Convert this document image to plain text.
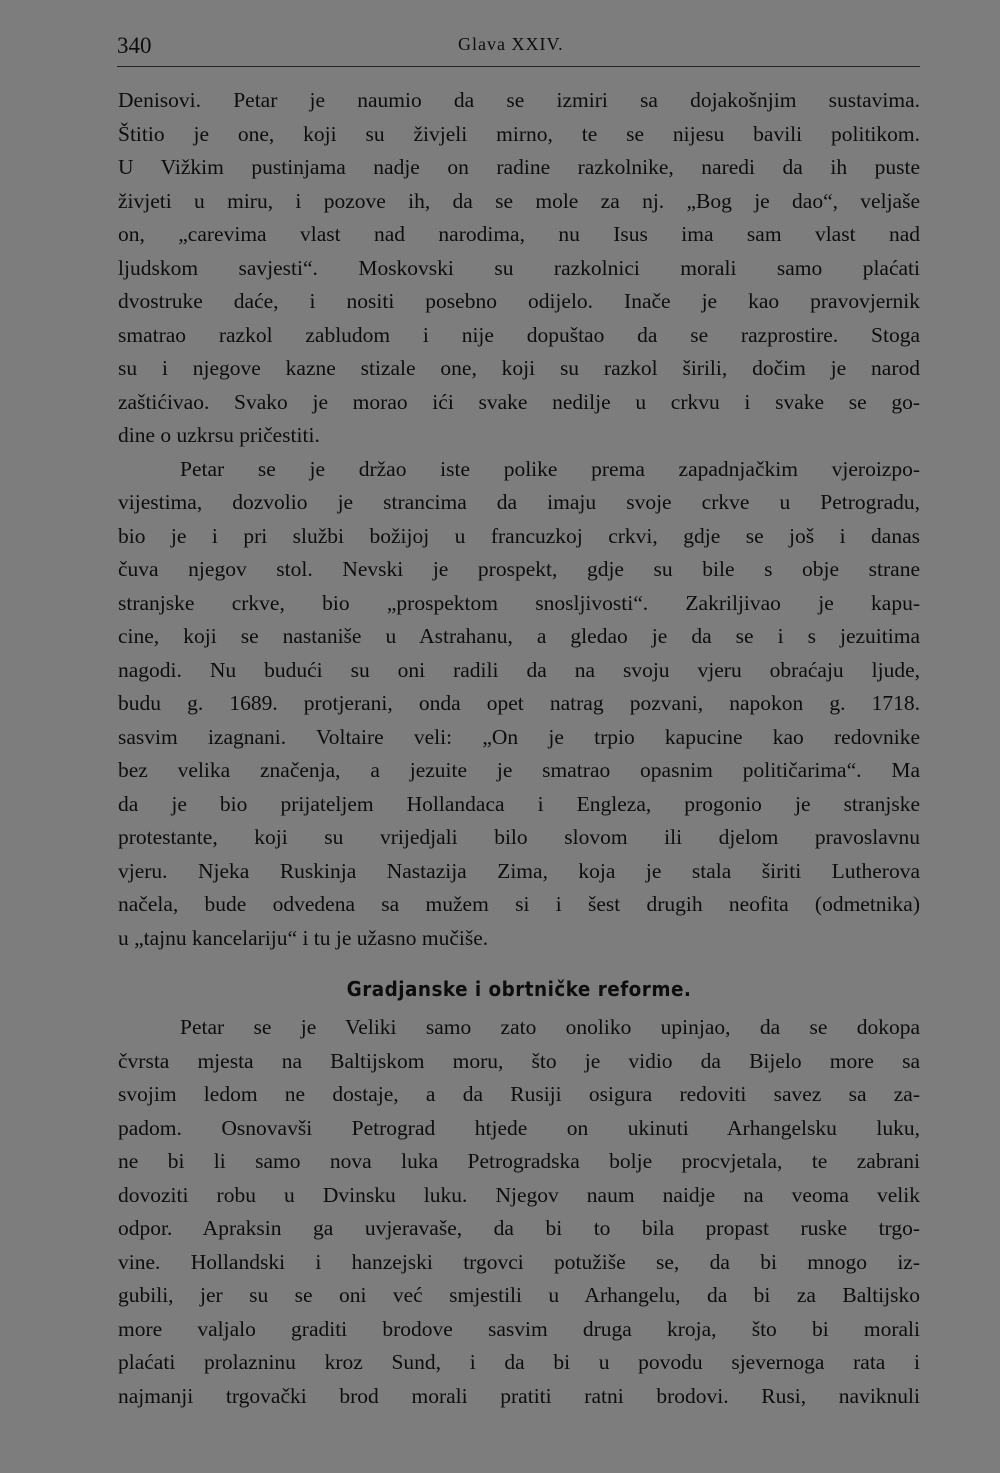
340	Glava XXIV.
Denisovi. Petar je naumio da se izmiri sa dojakošnjim sustavima.
Štitio je one, koji su živjeli mirno, te se nijesu bavili politikom.
U Vižkim pustinjama nadje on radine razkolnike, naredi da ih puste
živjeti u miru, i pozove ih, da se mole za nj. „Bog je dao“, veljaše
on, „carevima vlast nad narodima, nu Isus ima sam vlast nad
ljudskom savjesti“. Moskovski su razkolnici morali samo plaćati
dvostruke daće, i nositi posebno odijelo. Inače je kao pravovjernik
smatrao razkol zabludom i nije dopuštao da se razprostire. Stoga
su i njegove kazne stizale one, koji su razkol širili, dočim je narod
zaštićivao. Svako je morao ići svake nedilje u crkvu i svake se go-
dine o uzkrsu pričestiti.
Petar se je držao iste polike prema zapadnjačkim vjeroizpo-
vijestima, dozvolio je strancima da imaju svoje crkve u Petrogradu,
bio je i pri službi božijoj u francuzkoj crkvi, gdje se još i danas
čuva njegov stol. Nevski je prospekt, gdje su bile s obje strane
stranjske crkve, bio „prospektom snosljivosti“. Zakriljivao je kapu-
cine, koji se nastaniše u Astrahanu, a gledao je da se i s jezuitima
nagodi. Nu budući su oni radili da na svoju vjeru obraćaju ljude,
budu g. 1689. protjerani, onda opet natrag pozvani, napokon g. 1718.
sasvim izagnani. Voltaire veli: „On je trpio kapucine kao redovnike
bez velika značenja, a jezuite je smatrao opasnim političarima“. Ma
da je bio prijateljem Hollandaca i Engleza, progonio je stranjske
protestante, koji su vrijedjali bilo slovom ili djelom pravoslavnu
vjeru. Njeka Ruskinja Nastazija Zima, koja je stala širiti Lutherova
načela, bude odvedena sa mužem si i šest drugih neofita (odmetnika)
u „tajnu kancelariju“ i tu je užasno mučiše.
Gradjanske i obrtničke reforme.
Petar se je Veliki samo zato onoliko upinjao, da se dokopa
čvrsta mjesta na Baltijskom moru, što je vidio da Bijelo more sa
svojim ledom ne dostaje, a da Rusiji osigura redoviti savez sa za-
padom. Osnovavši Petrograd htjede on ukinuti Arhangelsku luku,
ne bi li samo nova luka Petrogradska bolje procvjetala, te zabrani
dovoziti robu u Dvinsku luku. Njegov naum naidje na veoma velik
odpor. Apraksin ga uvjeravaše, da bi to bila propast ruske trgo-
vine. Hollandski i hanzejski trgovci potužiše se, da bi mnogo iz-
gubili, jer su se oni već smjestili u Arhangelu, da bi za Baltijsko
more valjalo graditi brodove sasvim druga kroja, što bi morali
plaćati prolazninu kroz Sund, i da bi u povodu sjevernoga rata i
najmanji trgovački brod morali pratiti ratni brodovi. Rusi, naviknuli
